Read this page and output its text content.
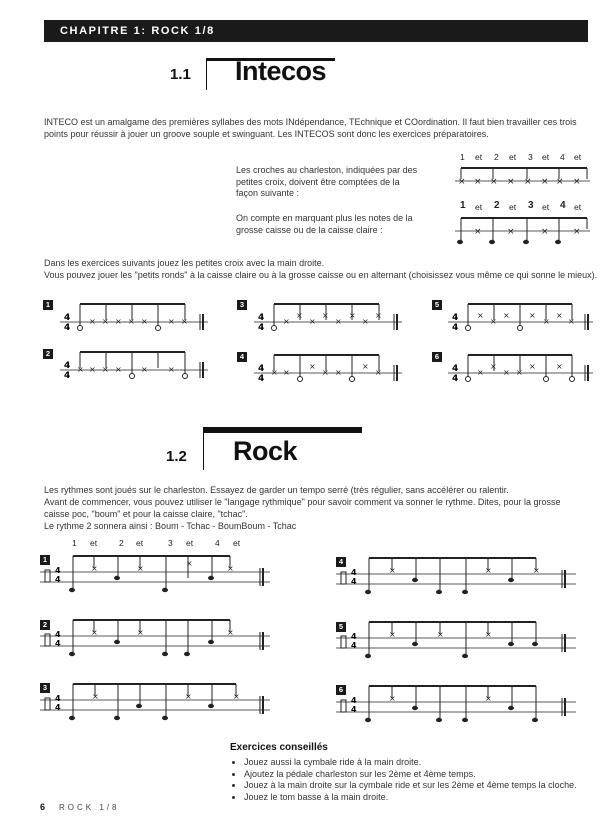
CHAPITRE 1: ROCK 1/8
1.1 Intecos
INTECO est un amalgame des premières syllabes des mots INdépendance, TEchnique et COordination. Il faut bien travailler ces trois points pour réussir à jouer un groove souple et swinguant. Les INTECOS sont donc les exercices préparatoires.
Les croches au charleston, indiquées par des petites croix, doivent être comptées de la façon suivante :
On compte en marquant plus les notes de la grosse caisse ou de la caisse claire :
1 et 2 et 3 et 4 et
× × × × × × × ×
1 et 2 et 3 et 4 et
×	×	×	×
Dans les exercices suivants jouez les petites croix avec la main droite.
Vous pouvez jouer les "petits ronds" à la caisse claire ou à la grosse caisse ou en alternant (choisissez vous même ce qui sonne le mieux).
1
2
3
4
5
6
4
4
× × ×	×
× ×	×
4
4
× × ×	×
× ×
4
4
×
×
×
×
×
×
×
×
4
4
× ×
×
× ×
×
×
4
4
×
×
× ×
×
×
×
4
4
×
×
× ×
×	×
1.2 Rock
Les rythmes sont joués sur le charleston. Essayez de garder un tempo serré (très régulier, sans accélérer ou ralentir.
Avant de commencer, vous pouvez utiliser le "langage rythmique" pour savoir comment va sonner le rythme. Dites, pour la grosse
caisse poc, "boum" et pour la caisse claire, "tchac".
Le rythme 2 sonnera ainsi : Boum - Tchac - BoumBoum - Tchac
1 et	2 et	3 et	4 et
1
2
3
4
5
6
4
4
×	×
×
×
4
4
×	×	×
4
4
×	×	×
4
4
×	×	×
4
4
×	×	×
4
4
×	×
Exercices conseillés
• Jouez aussi la cymbale ride à la main droite.
• Ajoutez la pédale charleston sur les 2ème et 4ème temps.
• Jouez à la main droite sur la cymbale ride et sur les 2ème et 4ème temps la cloche.
• Jouez le tom basse à la main droite.
6 ROCK 1/8
